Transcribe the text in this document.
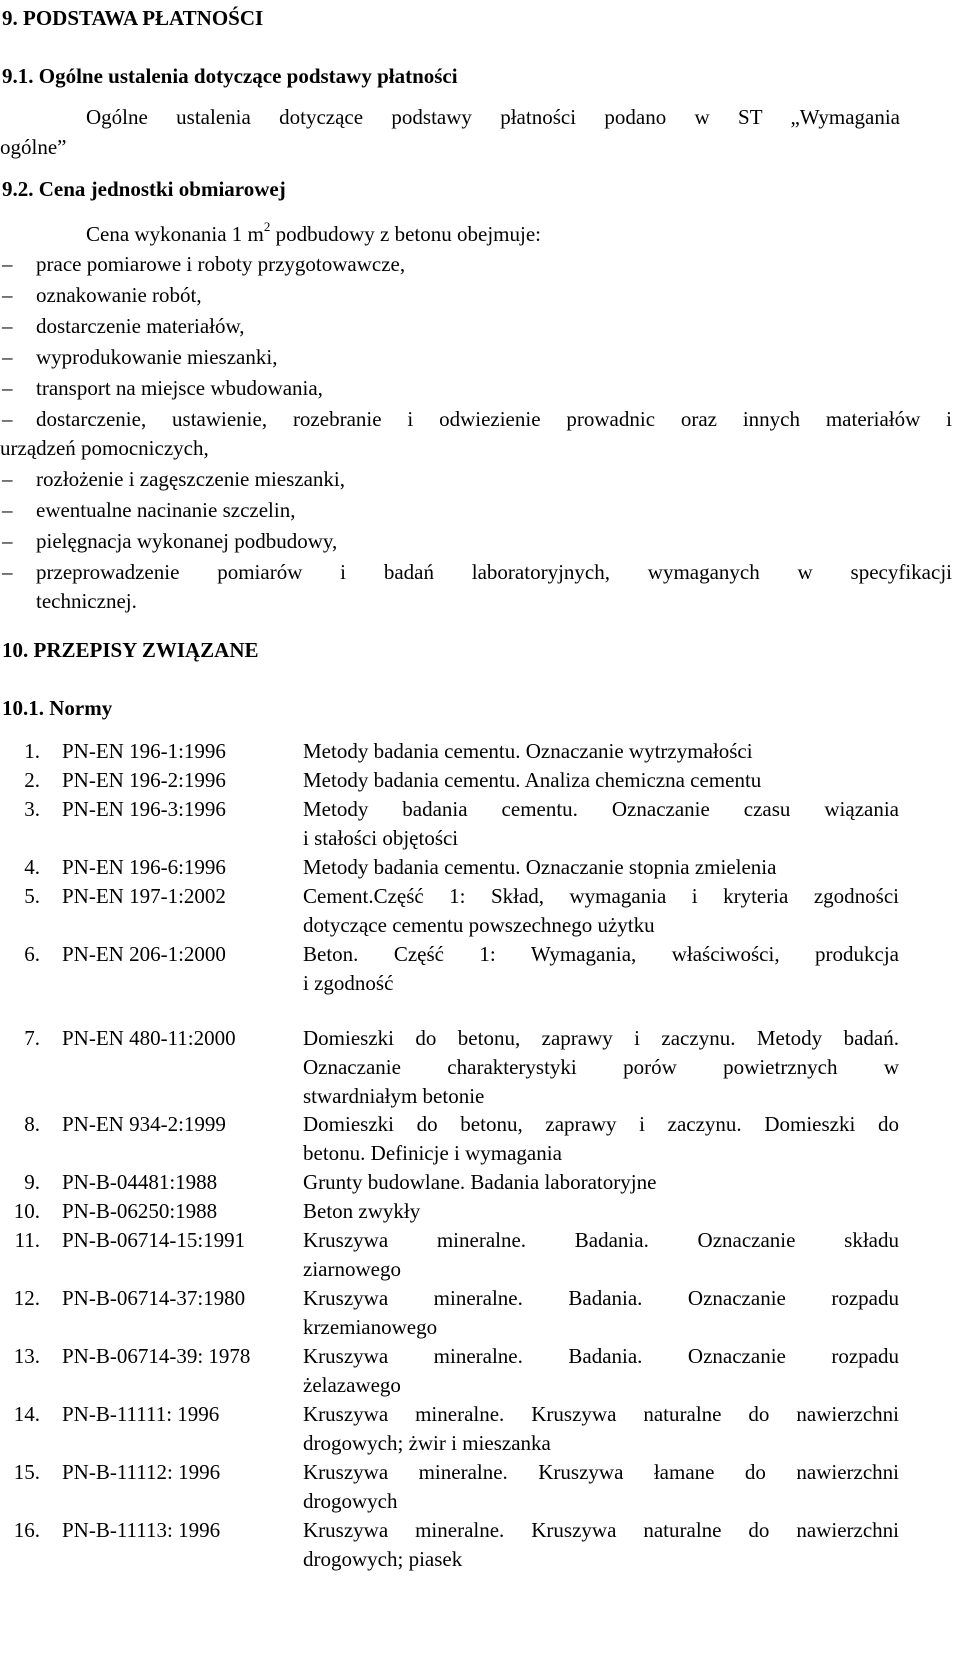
9. PODSTAWA PŁATNOŚCI
9.1. Ogólne ustalenia dotyczące podstawy płatności
Ogólne ustalenia dotyczące podstawy płatności podano w ST „Wymagania
ogólne”
9.2. Cena jednostki obmiarowej
Cena wykonania 1 $m^2$ podbudowy z betonu obejmuje:
– prace pomiarowe i roboty przygotowawcze,
– oznakowanie robót,
– dostarczenie materiałów,
– wyprodukowanie mieszanki,
– transport na miejsce wbudowania,
– dostarczenie, ustawienie, rozebranie i odwiezienie prowadnic oraz innych materiałów i
urządzeń pomocniczych,
– rozłożenie i zagęszczenie mieszanki,
– ewentualne nacinanie szczelin,
– pielęgnacja wykonanej podbudowy,
– przeprowadzenie pomiarów i badań laboratoryjnych, wymaganych w specyfikacji
technicznej.
10. PRZEPISY ZWIĄZANE
10.1. Normy
1. PN-EN 196-1:1996	Metody badania cementu. Oznaczanie wytrzymałości
2. PN-EN 196-2:1996	Metody badania cementu. Analiza chemiczna cementu
3. PN-EN 196-3:1996	Metody badania cementu. Oznaczanie czasu wiązania
i stałości objętości
4. PN-EN 196-6:1996	Metody badania cementu. Oznaczanie stopnia zmielenia
5. PN-EN 197-1:2002	Cement.Część 1: Skład, wymagania i kryteria zgodności
dotyczące cementu powszechnego użytku
6. PN-EN 206-1:2000	Beton. Część 1: Wymagania, właściwości, produkcja
i zgodność
7. PN-EN 480-11:2000	Domieszki do betonu, zaprawy i zaczynu. Metody badań.
Oznaczanie charakterystyki porów powietrznych w
stwardniałym betonie
8. PN-EN 934-2:1999	Domieszki do betonu, zaprawy i zaczynu. Domieszki do
betonu. Definicje i wymagania
9. PN-B-04481:1988	Grunty budowlane. Badania laboratoryjne
10. PN-B-06250:1988	Beton zwykły
11. PN-B-06714-15:1991	Kruszywa mineralne. Badania. Oznaczanie składu
ziarnowego
12. PN-B-06714-37:1980	Kruszywa mineralne. Badania. Oznaczanie rozpadu
krzemianowego
13. PN-B-06714-39: 1978	Kruszywa mineralne. Badania. Oznaczanie rozpadu
żelazawego
14. PN-B-11111: 1996	Kruszywa mineralne. Kruszywa naturalne do nawierzchni
drogowych; żwir i mieszanka
15. PN-B-11112: 1996	Kruszywa mineralne. Kruszywa łamane do nawierzchni
drogowych
16. PN-B-11113: 1996	Kruszywa mineralne. Kruszywa naturalne do nawierzchni
drogowych; piasek
